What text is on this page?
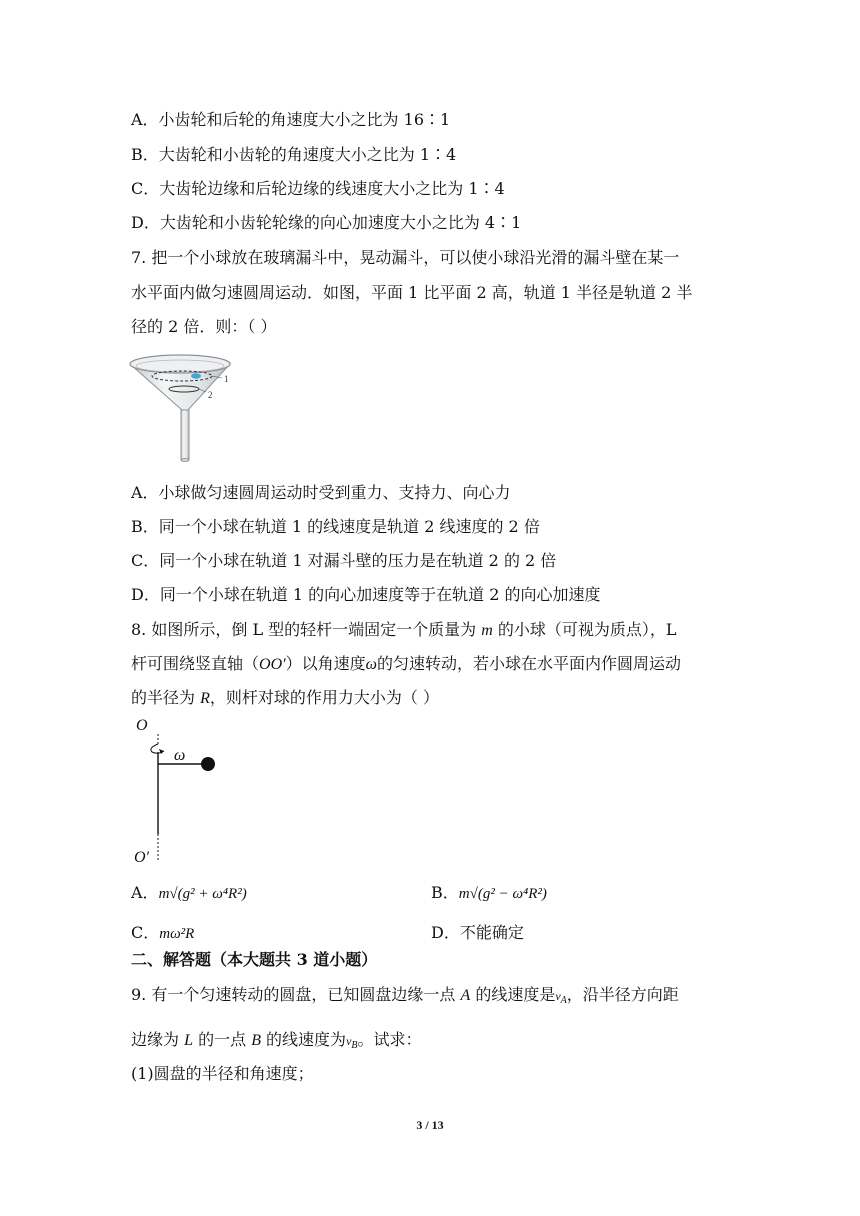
A．小齿轮和后轮的角速度大小之比为 16∶1
B．大齿轮和小齿轮的角速度大小之比为 1∶4
C．大齿轮边缘和后轮边缘的线速度大小之比为 1∶4
D．大齿轮和小齿轮轮缘的向心加速度大小之比为 4∶1
7. 把一个小球放在玻璃漏斗中，晃动漏斗，可以使小球沿光滑的漏斗壁在某一
水平面内做匀速圆周运动．如图，平面 1 比平面 2 高，轨道 1 半径是轨道 2 半
径的 2 倍．则：（ ）
1
2
A．小球做匀速圆周运动时受到重力、支持力、向心力
B．同一个小球在轨道 1 的线速度是轨道 2 线速度的 2 倍
C．同一个小球在轨道 1 对漏斗壁的压力是在轨道 2 的 2 倍
D．同一个小球在轨道 1 的向心加速度等于在轨道 2 的向心加速度
8. 如图所示，倒 L 型的轻杆一端固定一个质量为 m 的小球（可视为质点），L
杆可围绕竖直轴（OO′）以角速度ω的匀速转动，若小球在水平面内作圆周运动
的半径为 R，则杆对球的作用力大小为（ ）
O
ω
O′
A．m√(g² + ω⁴R²)	B．m√(g² − ω⁴R²)
C．mω²R	D．不能确定
二、解答题（本大题共 3 道小题）
9. 有一个匀速转动的圆盘，已知圆盘边缘一点 A 的线速度是$v_A$，沿半径方向距
边缘为 L 的一点 B 的线速度为$v_B$。试求：
(1)圆盘的半径和角速度；
3 / 13
